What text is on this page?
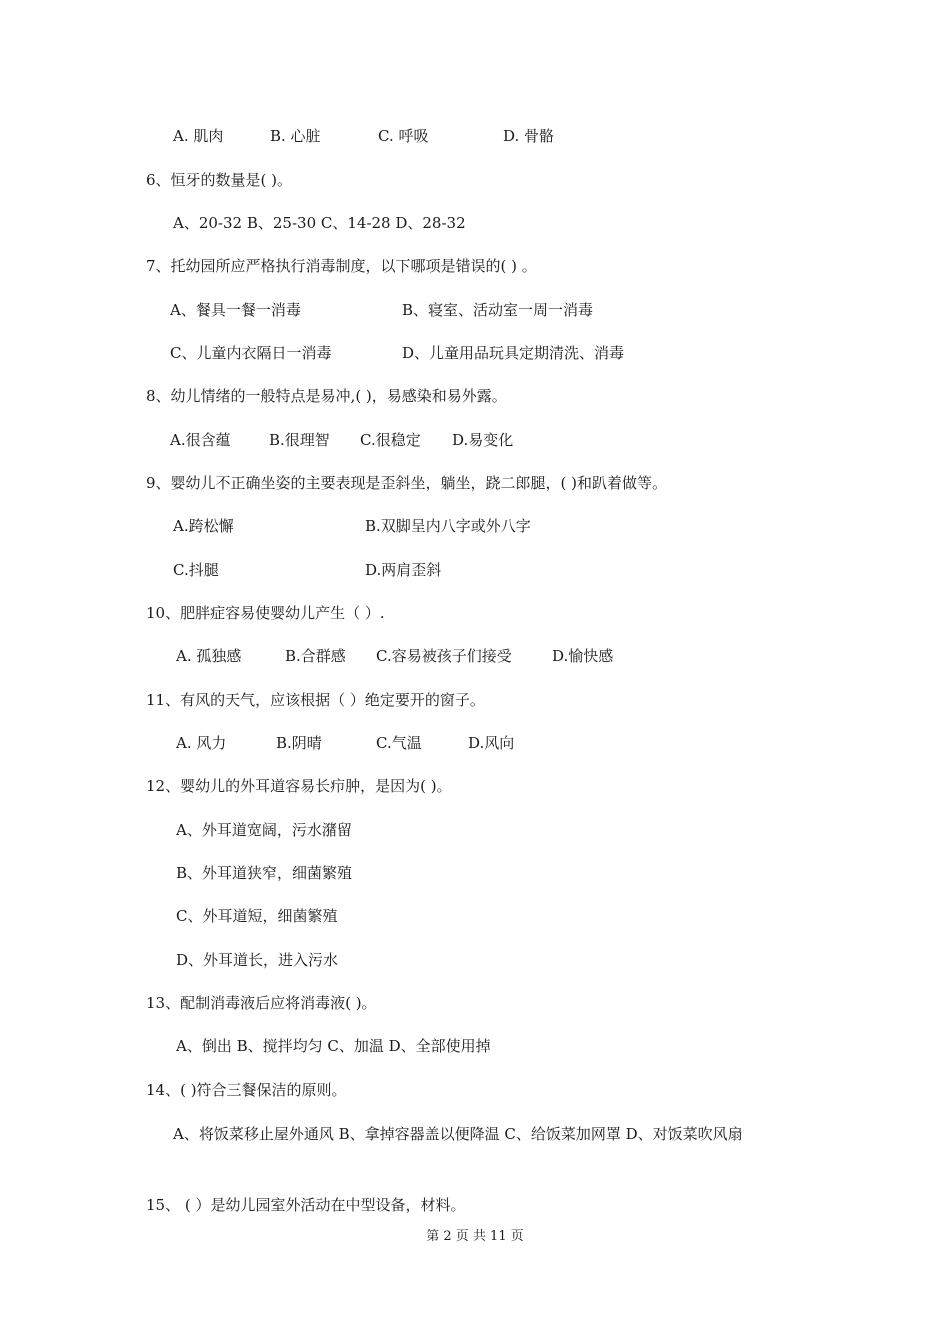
A. 肌肉	B. 心脏	C. 呼吸	D. 骨骼
6、恒牙的数量是( )。
A、20-32 B、25-30 C、14-28 D、28-32
7、托幼园所应严格执行消毒制度，以下哪项是错误的( ) 。
A、餐具一餐一消毒	B、寝室、活动室一周一消毒
C、儿童内衣隔日一消毒	D、儿童用品玩具定期清洗、消毒
8、幼儿情绪的一般特点是易冲,( )，易感染和易外露。
A.很含蕴	B.很理智 C.很稳定 D.易变化
9、婴幼儿不正确坐姿的主要表现是歪斜坐，躺坐，跷二郎腿，( )和趴着做等。
A.跨松懈	B.双脚呈内八字或外八字
C.抖腿	D.两肩歪斜
10、肥胖症容易使婴幼儿产生（ ）.
A. 孤独感	B.合群感 C.容易被孩子们接受	D.愉快感
11、有风的天气，应该根据（ ）绝定要开的窗子。
A. 风力	B.阴晴	C.气温	D.风向
12、婴幼儿的外耳道容易长疖肿，是因为( )。
A、外耳道宽阔，污水潴留
B、外耳道狭窄，细菌繁殖
C、外耳道短，细菌繁殖
D、外耳道长，进入污水
13、配制消毒液后应将消毒液( )。
A、倒出 B、搅拌均匀 C、加温 D、全部使用掉
14、( )符合三餐保洁的原则。
A、将饭菜移止屋外通风 B、拿掉容器盖以便降温 C、给饭菜加网罩 D、对饭菜吹风扇
15、 ( ）是幼儿园室外活动在中型设备，材料。
第 2 页 共 11 页
